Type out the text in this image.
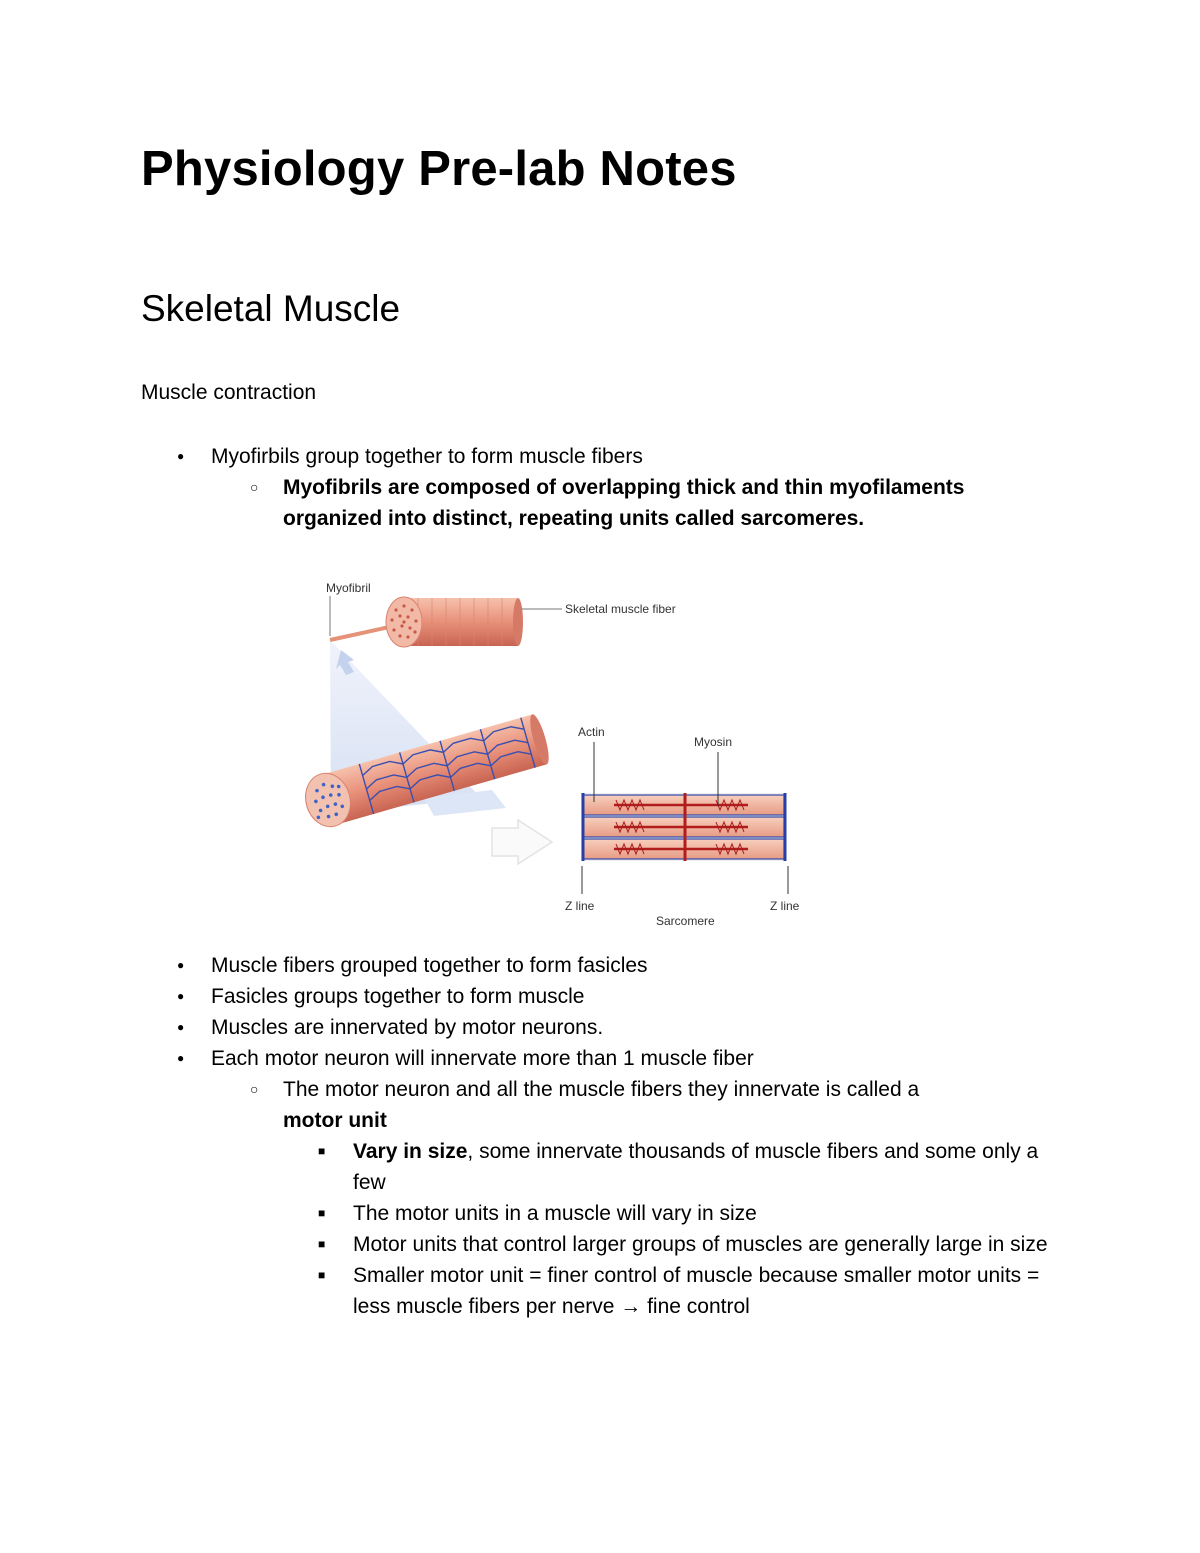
Physiology Pre-lab Notes
Skeletal Muscle

Muscle contraction

● Myofirbils group together to form muscle fibers
○ Myofibrils are composed of overlapping thick and thin myofilaments organized into distinct, repeating units called sarcomeres.
Myofibril
Skeletal muscle fiber
Actin
Myosin
Z line	Z line
Sarcomere
● Muscle fibers grouped together to form fasicles
● Fasicles groups together to form muscle
● Muscles are innervated by motor neurons.
● Each motor neuron will innervate more than 1 muscle fiber
○ The motor neuron and all the muscle fibers they innervate is called a
motor unit
■ Vary in size, some innervate thousands of muscle fibers and some only a few
■ The motor units in a muscle will vary in size
■ Motor units that control larger groups of muscles are generally large in size
■ Smaller motor unit = finer control of muscle because smaller motor units = less muscle fibers per nerve → fine control
